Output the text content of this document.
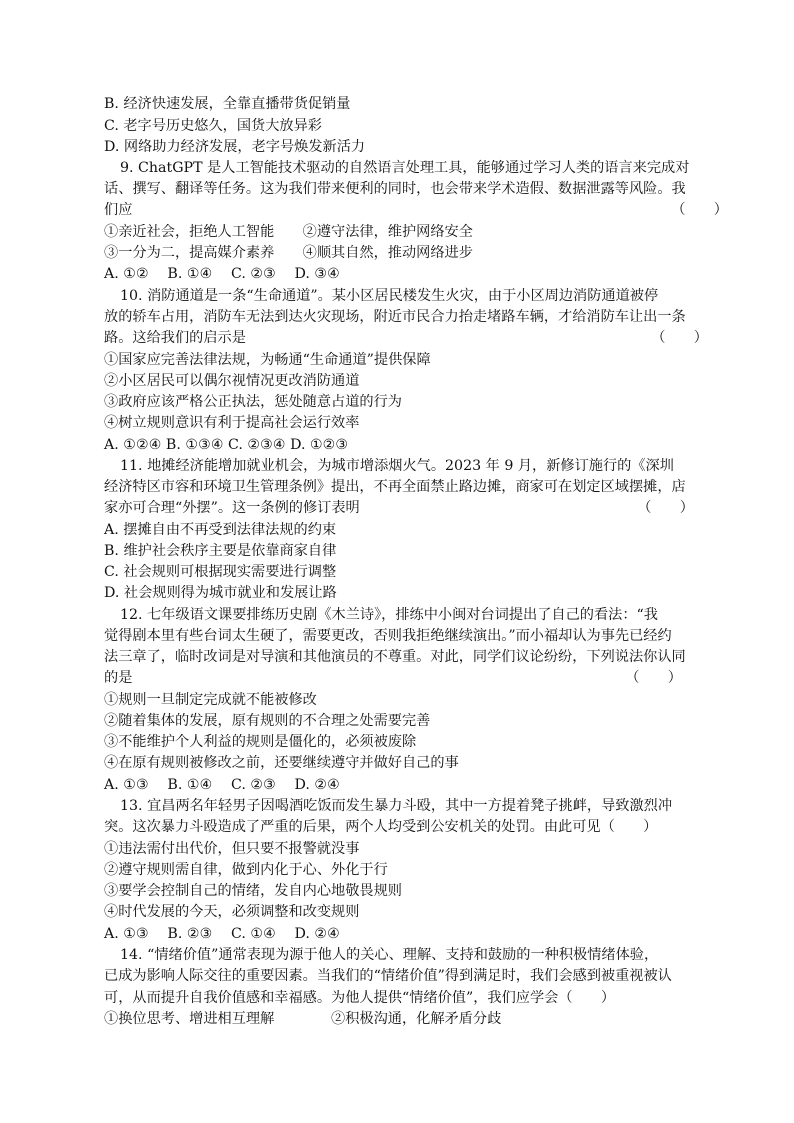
B. 经济快速发展，全靠直播带货促销量
C. 老字号历史悠久，国货大放异彩
D. 网络助力经济发展，老字号焕发新活力
9. ChatGPT 是人工智能技术驱动的自然语言处理工具，能够通过学习人类的语言来完成对
话、撰写、翻译等任务。这为我们带来便利的同时，也会带来学术造假、数据泄露等风险。我
们应	（　　）
①亲近社会，拒绝人工智能　　②遵守法律，维护网络安全
③一分为二，提高媒介素养　　④顺其自然，推动网络进步
A. ①②　 B. ①④　 C. ②③　 D. ③④
10. 消防通道是一条“生命通道”。某小区居民楼发生火灾，由于小区周边消防通道被停
放的轿车占用，消防车无法到达火灾现场，附近市民合力抬走堵路车辆，才给消防车让出一条
路。这给我们的启示是	（　　）
①国家应完善法律法规，为畅通“生命通道”提供保障
②小区居民可以偶尔视情况更改消防通道
③政府应该严格公正执法，惩处随意占道的行为
④树立规则意识有利于提高社会运行效率
A. ①②④ B. ①③④ C. ②③④ D. ①②③
11. 地摊经济能增加就业机会，为城市增添烟火气。2023 年 9 月，新修订施行的《深圳
经济特区市容和环境卫生管理条例》提出，不再全面禁止路边摊，商家可在划定区域摆摊，店
家亦可合理“外摆”。这一条例的修订表明	（　　）
A. 摆摊自由不再受到法律法规的约束
B. 维护社会秩序主要是依靠商家自律
C. 社会规则可根据现实需要进行调整
D. 社会规则得为城市就业和发展让路
12. 七年级语文课要排练历史剧《木兰诗》，排练中小闽对台词提出了自己的看法：“我
觉得剧本里有些台词太生硬了，需要更改，否则我拒绝继续演出。”而小福却认为事先已经约
法三章了，临时改词是对导演和其他演员的不尊重。对此，同学们议论纷纷，下列说法你认同
的是	（　　）
①规则一旦制定完成就不能被修改
②随着集体的发展，原有规则的不合理之处需要完善
③不能维护个人利益的规则是僵化的，必须被废除
④在原有规则被修改之前，还要继续遵守并做好自己的事
A. ①③　 B. ①④　 C. ②③　 D. ②④
13. 宜昌两名年轻男子因喝酒吃饭而发生暴力斗殴，其中一方提着凳子挑衅，导致激烈冲
突。这次暴力斗殴造成了严重的后果，两个人均受到公安机关的处罚。由此可见（　　）
①违法需付出代价，但只要不报警就没事
②遵守规则需自律，做到内化于心、外化于行
③要学会控制自己的情绪，发自内心地敬畏规则
④时代发展的今天，必须调整和改变规则
A. ①③　 B. ②③　 C. ①④　 D. ②④
14. “情绪价值”通常表现为源于他人的关心、理解、支持和鼓励的一种积极情绪体验，
已成为影响人际交往的重要因素。当我们的“情绪价值”得到满足时，我们会感到被重视被认
可，从而提升自我价值感和幸福感。为他人提供“情绪价值”，我们应学会（　　）
①换位思考、增进相互理解　　　　②积极沟通，化解矛盾分歧
